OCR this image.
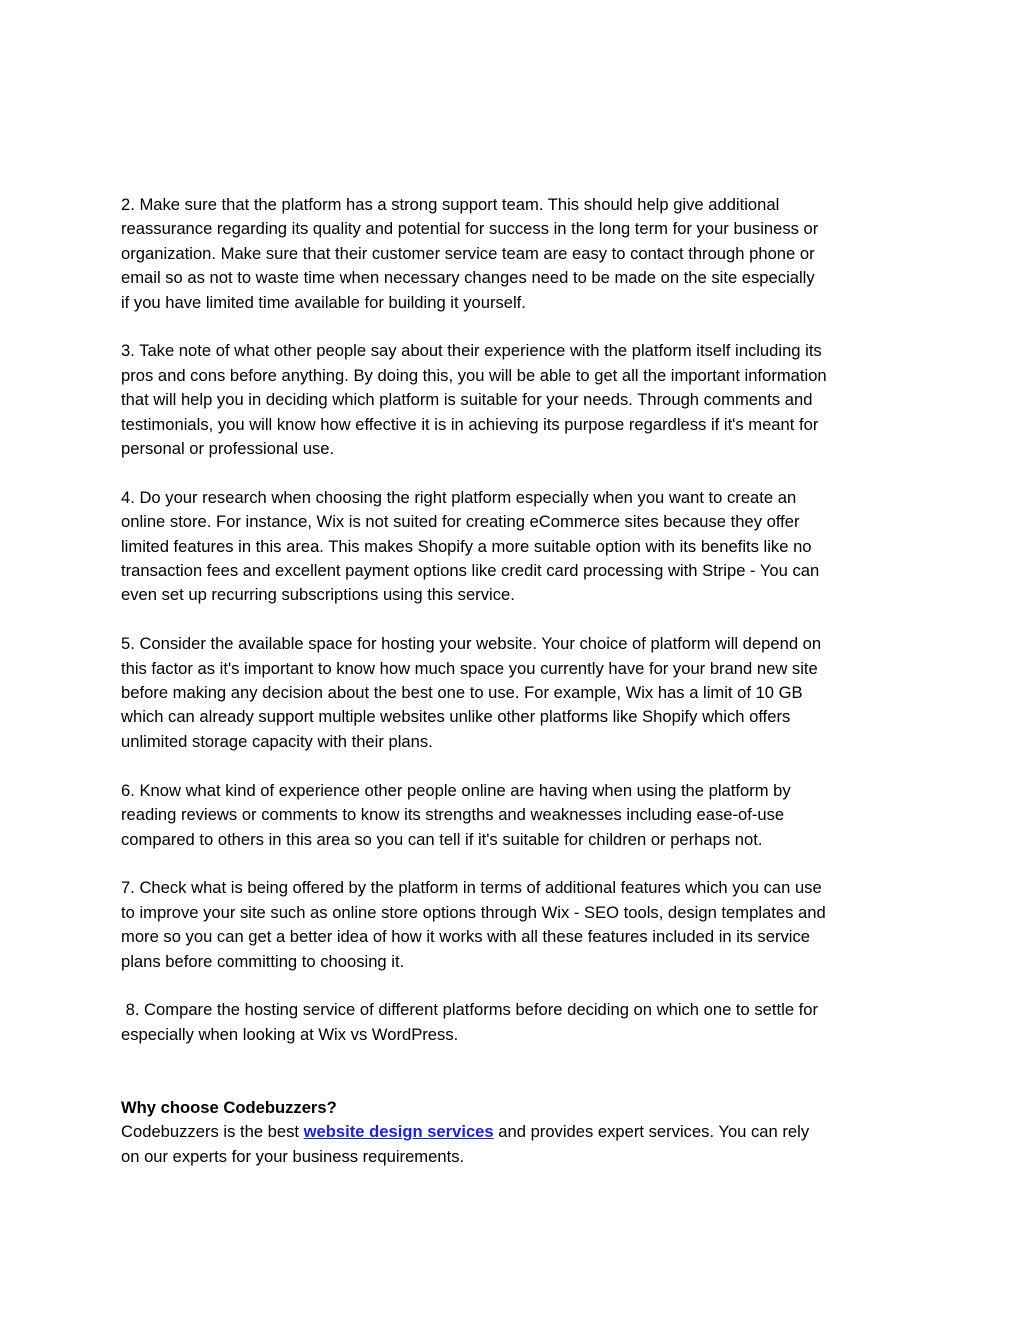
2. Make sure that the platform has a strong support team. This should help give additional

reassurance regarding its quality and potential for success in the long term for your business or

organization. Make sure that their customer service team are easy to contact through phone or

email so as not to waste time when necessary changes need to be made on the site especially

if you have limited time available for building it yourself.

3. Take note of what other people say about their experience with the platform itself including its

pros and cons before anything. By doing this, you will be able to get all the important information

that will help you in deciding which platform is suitable for your needs. Through comments and

testimonials, you will know how effective it is in achieving its purpose regardless if it's meant for

personal or professional use.

4. Do your research when choosing the right platform especially when you want to create an

online store. For instance, Wix is not suited for creating eCommerce sites because they offer

limited features in this area. This makes Shopify a more suitable option with its benefits like no

transaction fees and excellent payment options like credit card processing with Stripe - You can

even set up recurring subscriptions using this service.

5. Consider the available space for hosting your website. Your choice of platform will depend on

this factor as it's important to know how much space you currently have for your brand new site

before making any decision about the best one to use. For example, Wix has a limit of 10 GB

which can already support multiple websites unlike other platforms like Shopify which offers

unlimited storage capacity with their plans.

6. Know what kind of experience other people online are having when using the platform by

reading reviews or comments to know its strengths and weaknesses including ease-of-use

compared to others in this area so you can tell if it's suitable for children or perhaps not.

7. Check what is being offered by the platform in terms of additional features which you can use

to improve your site such as online store options through Wix - SEO tools, design templates and

more so you can get a better idea of how it works with all these features included in its service

plans before committing to choosing it.

8. Compare the hosting service of different platforms before deciding on which one to settle for

especially when looking at Wix vs WordPress.

Why choose Codebuzzers?

Codebuzzers is the best website design services and provides expert services. You can rely

on our experts for your business requirements.
